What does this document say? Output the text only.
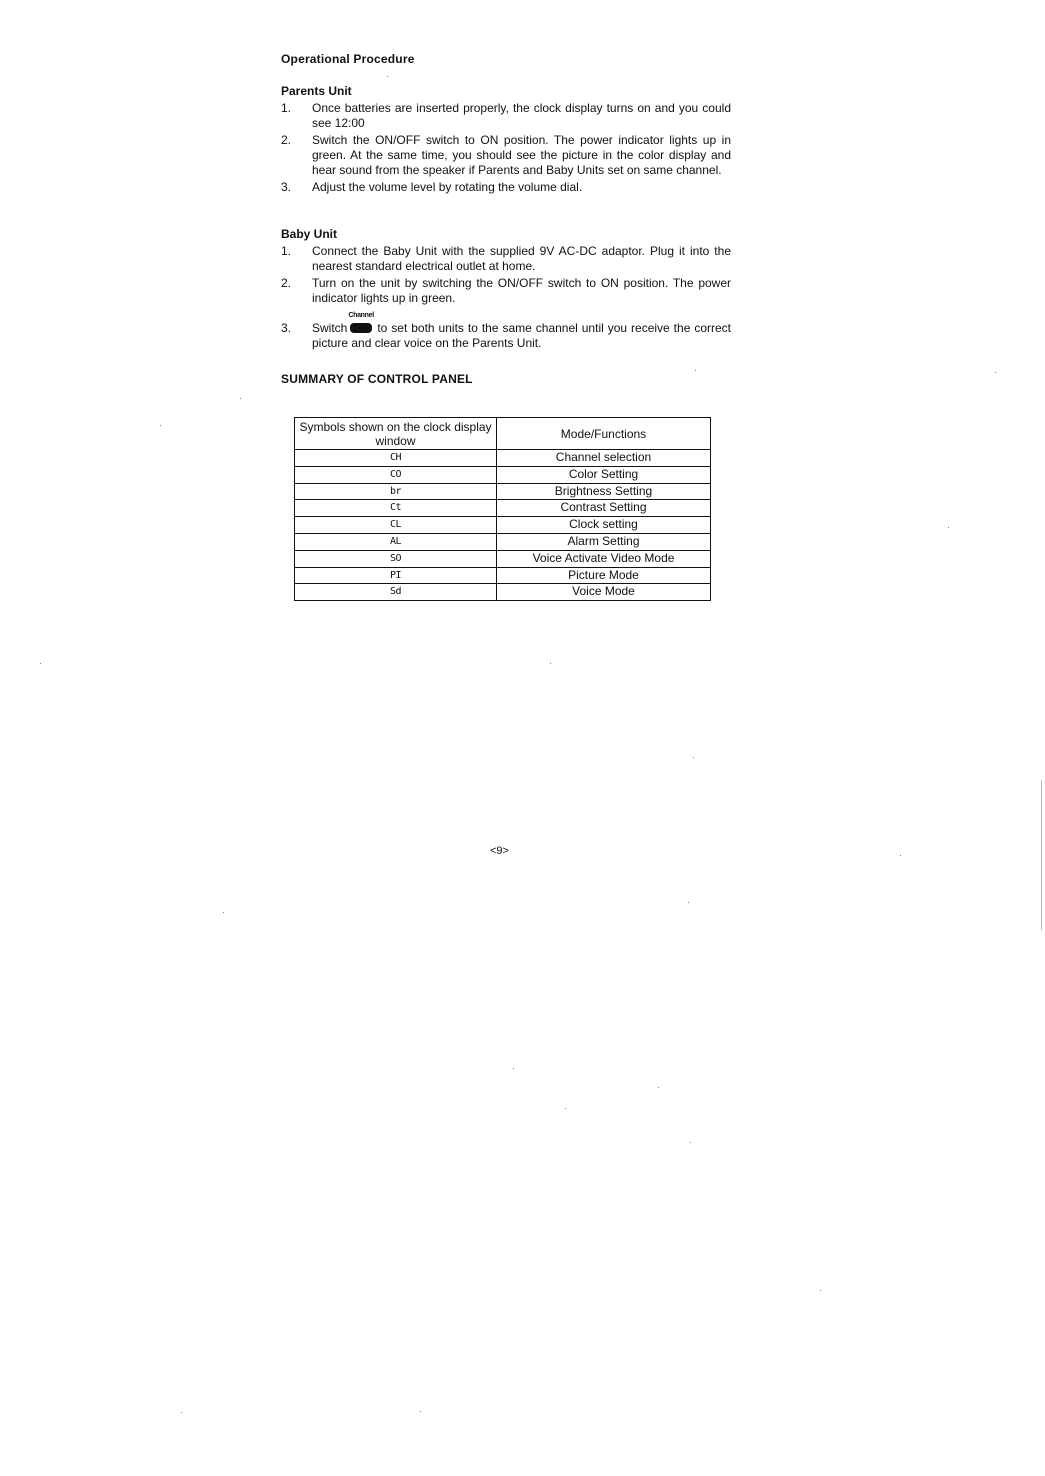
Operational Procedure
Parents Unit
1. Once batteries are inserted properly, the clock display turns on and you could see 12:00
2. Switch the ON/OFF switch to ON position. The power indicator lights up in green. At the same time, you should see the picture in the color display and hear sound from the speaker if Parents and Baby Units set on same channel.
3. Adjust the volume level by rotating the volume dial.
Baby Unit
1. Connect the Baby Unit with the supplied 9V AC-DC adaptor. Plug it into the nearest standard electrical outlet at home.
2. Turn on the unit by switching the ON/OFF switch to ON position. The power indicator lights up in green.
3. Switch
Channel
to set both units to the same channel until you receive the correct picture and clear voice on the Parents Unit.
SUMMARY OF CONTROL PANEL
Symbols shown on the clock display window	Mode/Functions
CH	Channel selection
CO	Color Setting
br	Brightness Setting
Ct	Contrast Setting
CL	Clock setting
AL	Alarm Setting
SO	Voice Activate Video Mode
PI	Picture Mode
Sd	Voice Mode
<9>
